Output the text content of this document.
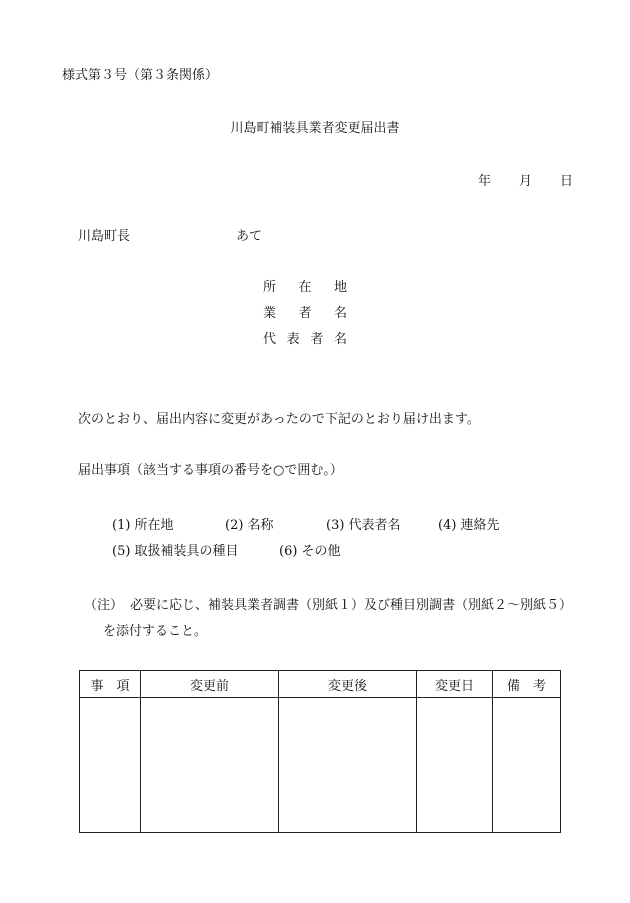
様式第３号（第３条関係）
川島町補装具業者変更届出書
年 月 日
川島町長	あて
所 在 地
業 者 名
代 表 者 名
次のとおり、届出内容に変更があったので下記のとおり届け出ます。
届出事項（該当する事項の番号を○で囲む。）
(1) 所在地	(2) 名称	(3) 代表者名	(4) 連絡先
(5) 取扱補装具の種目	(6) その他
（注） 必要に応じ、補装具業者調書（別紙１）及び種目別調書（別紙２～別紙５）
を添付すること。
事　項	変更前	変更後	変更日	備　考
